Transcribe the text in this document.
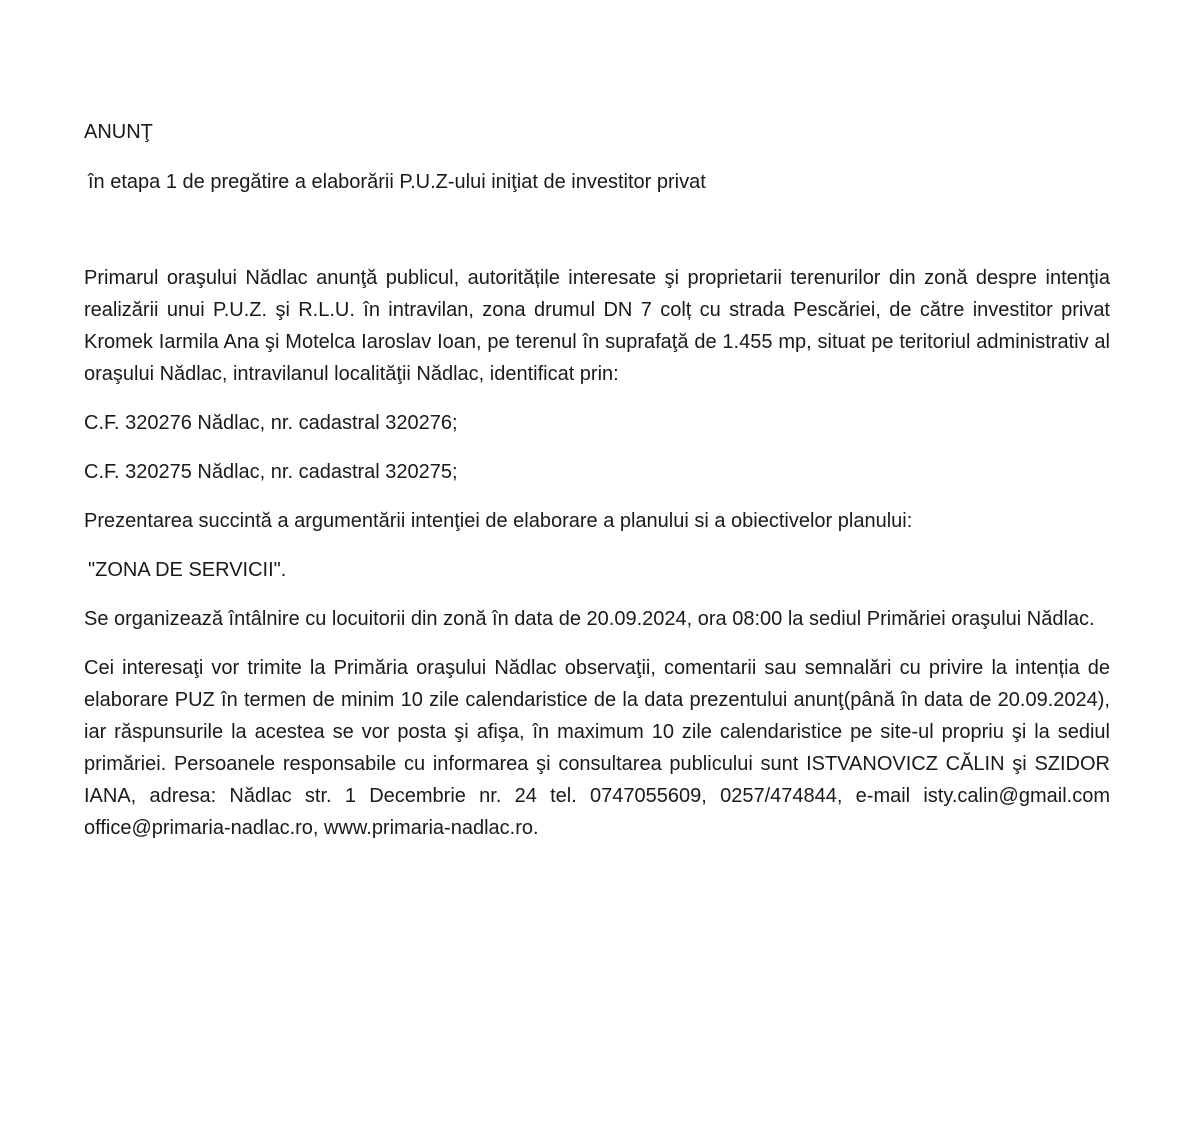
ANUNŢ
în etapa 1 de pregătire a elaborării P.U.Z-ului iniţiat de investitor privat

Primarul oraşului Nădlac anunţă publicul, autoritățile interesate şi proprietarii terenurilor din zonă despre intenţia realizării unui P.U.Z. şi R.L.U. în intravilan, zona drumul DN 7 colț cu strada Pescăriei, de către investitor privat Kromek Iarmila Ana şi Motelca Iaroslav Ioan, pe terenul în suprafaţă de 1.455 mp, situat pe teritoriul administrativ al oraşului Nădlac, intravilanul localităţii Nădlac, identificat prin:

C.F. 320276 Nădlac, nr. cadastral 320276;

C.F. 320275 Nădlac, nr. cadastral 320275;

Prezentarea succintă a argumentării intenţiei de elaborare a planului si a obiectivelor planului:

"ZONA DE SERVICII".

Se organizează întâlnire cu locuitorii din zonă în data de 20.09.2024, ora 08:00 la sediul Primăriei oraşului Nădlac.

Cei interesaţi vor trimite la Primăria oraşului Nădlac observaţii, comentarii sau semnalări cu privire la intenția de elaborare PUZ în termen de minim 10 zile calendaristice de la data prezentului anunţ(până în data de 20.09.2024), iar răspunsurile la acestea se vor posta şi afişa, în maximum 10 zile calendaristice pe site-ul propriu şi la sediul primăriei. Persoanele responsabile cu informarea şi consultarea publicului sunt ISTVANOVICZ CĂLIN şi SZIDOR IANA, adresa: Nădlac str. 1 Decembrie nr. 24 tel. 0747055609, 0257/474844, e-mail isty.calin@gmail.com office@primaria-nadlac.ro, www.primaria-nadlac.ro.
